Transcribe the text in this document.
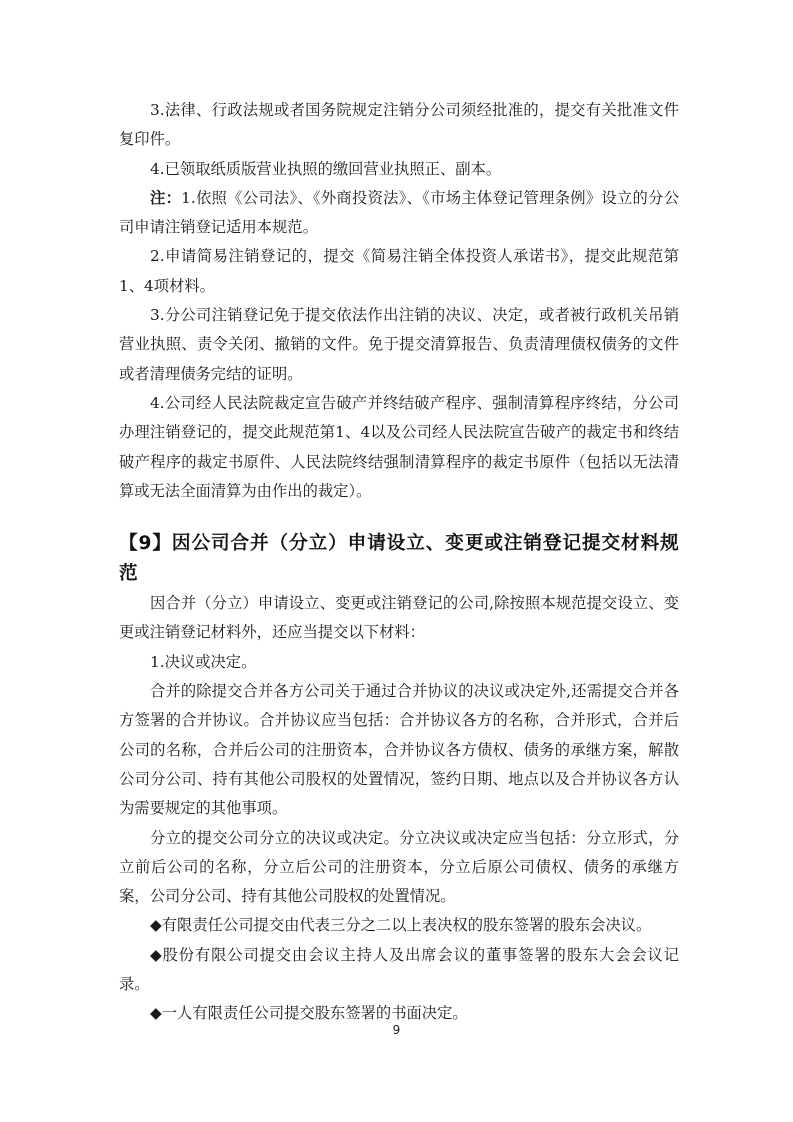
3.法律、行政法规或者国务院规定注销分公司须经批准的，提交有关批准文件复印件。

4.已领取纸质版营业执照的缴回营业执照正、副本。

注：1.依照《公司法》、《外商投资法》、《市场主体登记管理条例》设立的分公司申请注销登记适用本规范。

2.申请简易注销登记的，提交《简易注销全体投资人承诺书》，提交此规范第1、4项材料。

3.分公司注销登记免于提交依法作出注销的决议、决定，或者被行政机关吊销营业执照、责令关闭、撤销的文件。免于提交清算报告、负责清理债权债务的文件或者清理债务完结的证明。

4.公司经人民法院裁定宣告破产并终结破产程序、强制清算程序终结，分公司办理注销登记的，提交此规范第1、4以及公司经人民法院宣告破产的裁定书和终结破产程序的裁定书原件、人民法院终结强制清算程序的裁定书原件（包括以无法清算或无法全面清算为由作出的裁定）。

【9】因公司合并（分立）申请设立、变更或注销登记提交材料规范

因合并（分立）申请设立、变更或注销登记的公司,除按照本规范提交设立、变更或注销登记材料外，还应当提交以下材料：

1.决议或决定。

合并的除提交合并各方公司关于通过合并协议的决议或决定外,还需提交合并各方签署的合并协议。合并协议应当包括：合并协议各方的名称，合并形式，合并后公司的名称，合并后公司的注册资本，合并协议各方债权、债务的承继方案，解散公司分公司、持有其他公司股权的处置情况，签约日期、地点以及合并协议各方认为需要规定的其他事项。

分立的提交公司分立的决议或决定。分立决议或决定应当包括：分立形式，分立前后公司的名称，分立后公司的注册资本，分立后原公司债权、债务的承继方案，公司分公司、持有其他公司股权的处置情况。

◆有限责任公司提交由代表三分之二以上表决权的股东签署的股东会决议。

◆股份有限公司提交由会议主持人及出席会议的董事签署的股东大会会议记录。

◆一人有限责任公司提交股东签署的书面决定。

9
